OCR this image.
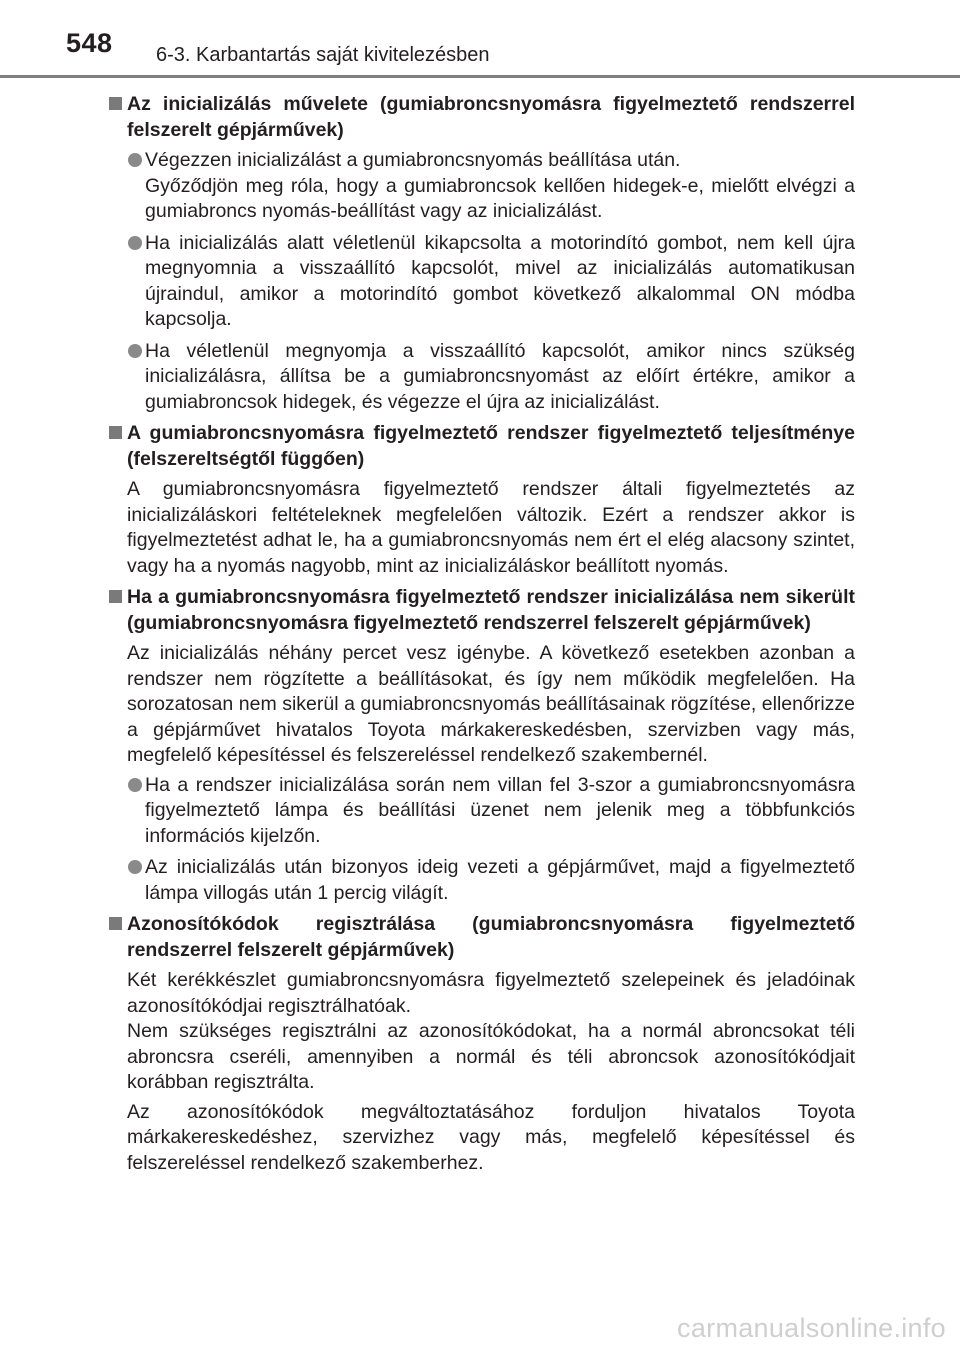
548 6-3. Karbantartás saját kivitelezésben
Az inicializálás művelete (gumiabroncsnyomásra figyelmeztető rendszerrel felszerelt gépjárművek)

Végezzen inicializálást a gumiabroncsnyomás beállítása után.

Győződjön meg róla, hogy a gumiabroncsok kellően hidegek-e, mielőtt elvégzi a gumiabroncs nyomás-beállítást vagy az inicializálást.

Ha inicializálás alatt véletlenül kikapcsolta a motorindító gombot, nem kell újra megnyomnia a visszaállító kapcsolót, mivel az inicializálás automatikusan újraindul, amikor a motorindító gombot következő alkalommal ON módba kapcsolja.

Ha véletlenül megnyomja a visszaállító kapcsolót, amikor nincs szükség inicializálásra, állítsa be a gumiabroncsnyomást az előírt értékre, amikor a gumiabroncsok hidegek, és végezze el újra az inicializálást.

A gumiabroncsnyomásra figyelmeztető rendszer figyelmeztető teljesítménye (felszereltségtől függően)

A gumiabroncsnyomásra figyelmeztető rendszer általi figyelmeztetés az inicializáláskori feltételeknek megfelelően változik. Ezért a rendszer akkor is figyelmeztetést adhat le, ha a gumiabroncsnyomás nem ért el elég alacsony szintet, vagy ha a nyomás nagyobb, mint az inicializáláskor beállított nyomás.

Ha a gumiabroncsnyomásra figyelmeztető rendszer inicializálása nem sikerült (gumiabroncsnyomásra figyelmeztető rendszerrel felszerelt gépjárművek)

Az inicializálás néhány percet vesz igénybe. A következő esetekben azonban a rendszer nem rögzítette a beállításokat, és így nem működik megfelelően. Ha sorozatosan nem sikerül a gumiabroncsnyomás beállításainak rögzítése, ellenőrizze a gépjárművet hivatalos Toyota márkakereskedésben, szervizben vagy más, megfelelő képesítéssel és felszereléssel rendelkező szakembernél.

Ha a rendszer inicializálása során nem villan fel 3-szor a gumiabroncsnyomásra figyelmeztető lámpa és beállítási üzenet nem jelenik meg a többfunkciós információs kijelzőn.

Az inicializálás után bizonyos ideig vezeti a gépjárművet, majd a figyelmeztető lámpa villogás után 1 percig világít.

Azonosítókódok regisztrálása (gumiabroncsnyomásra figyelmeztető rendszerrel felszerelt gépjárművek)

Két kerékkészlet gumiabroncsnyomásra figyelmeztető szelepeinek és jeladóinak azonosítókódjai regisztrálhatóak.

Nem szükséges regisztrálni az azonosítókódokat, ha a normál abroncsokat téli abroncsra cseréli, amennyiben a normál és téli abroncsok azonosítókódjait korábban regisztrálta.

Az azonosítókódok megváltoztatásához forduljon hivatalos Toyota márkakereskedéshez, szervizhez vagy más, megfelelő képesítéssel és felszereléssel rendelkező szakemberhez.

carmanualsonline.info
